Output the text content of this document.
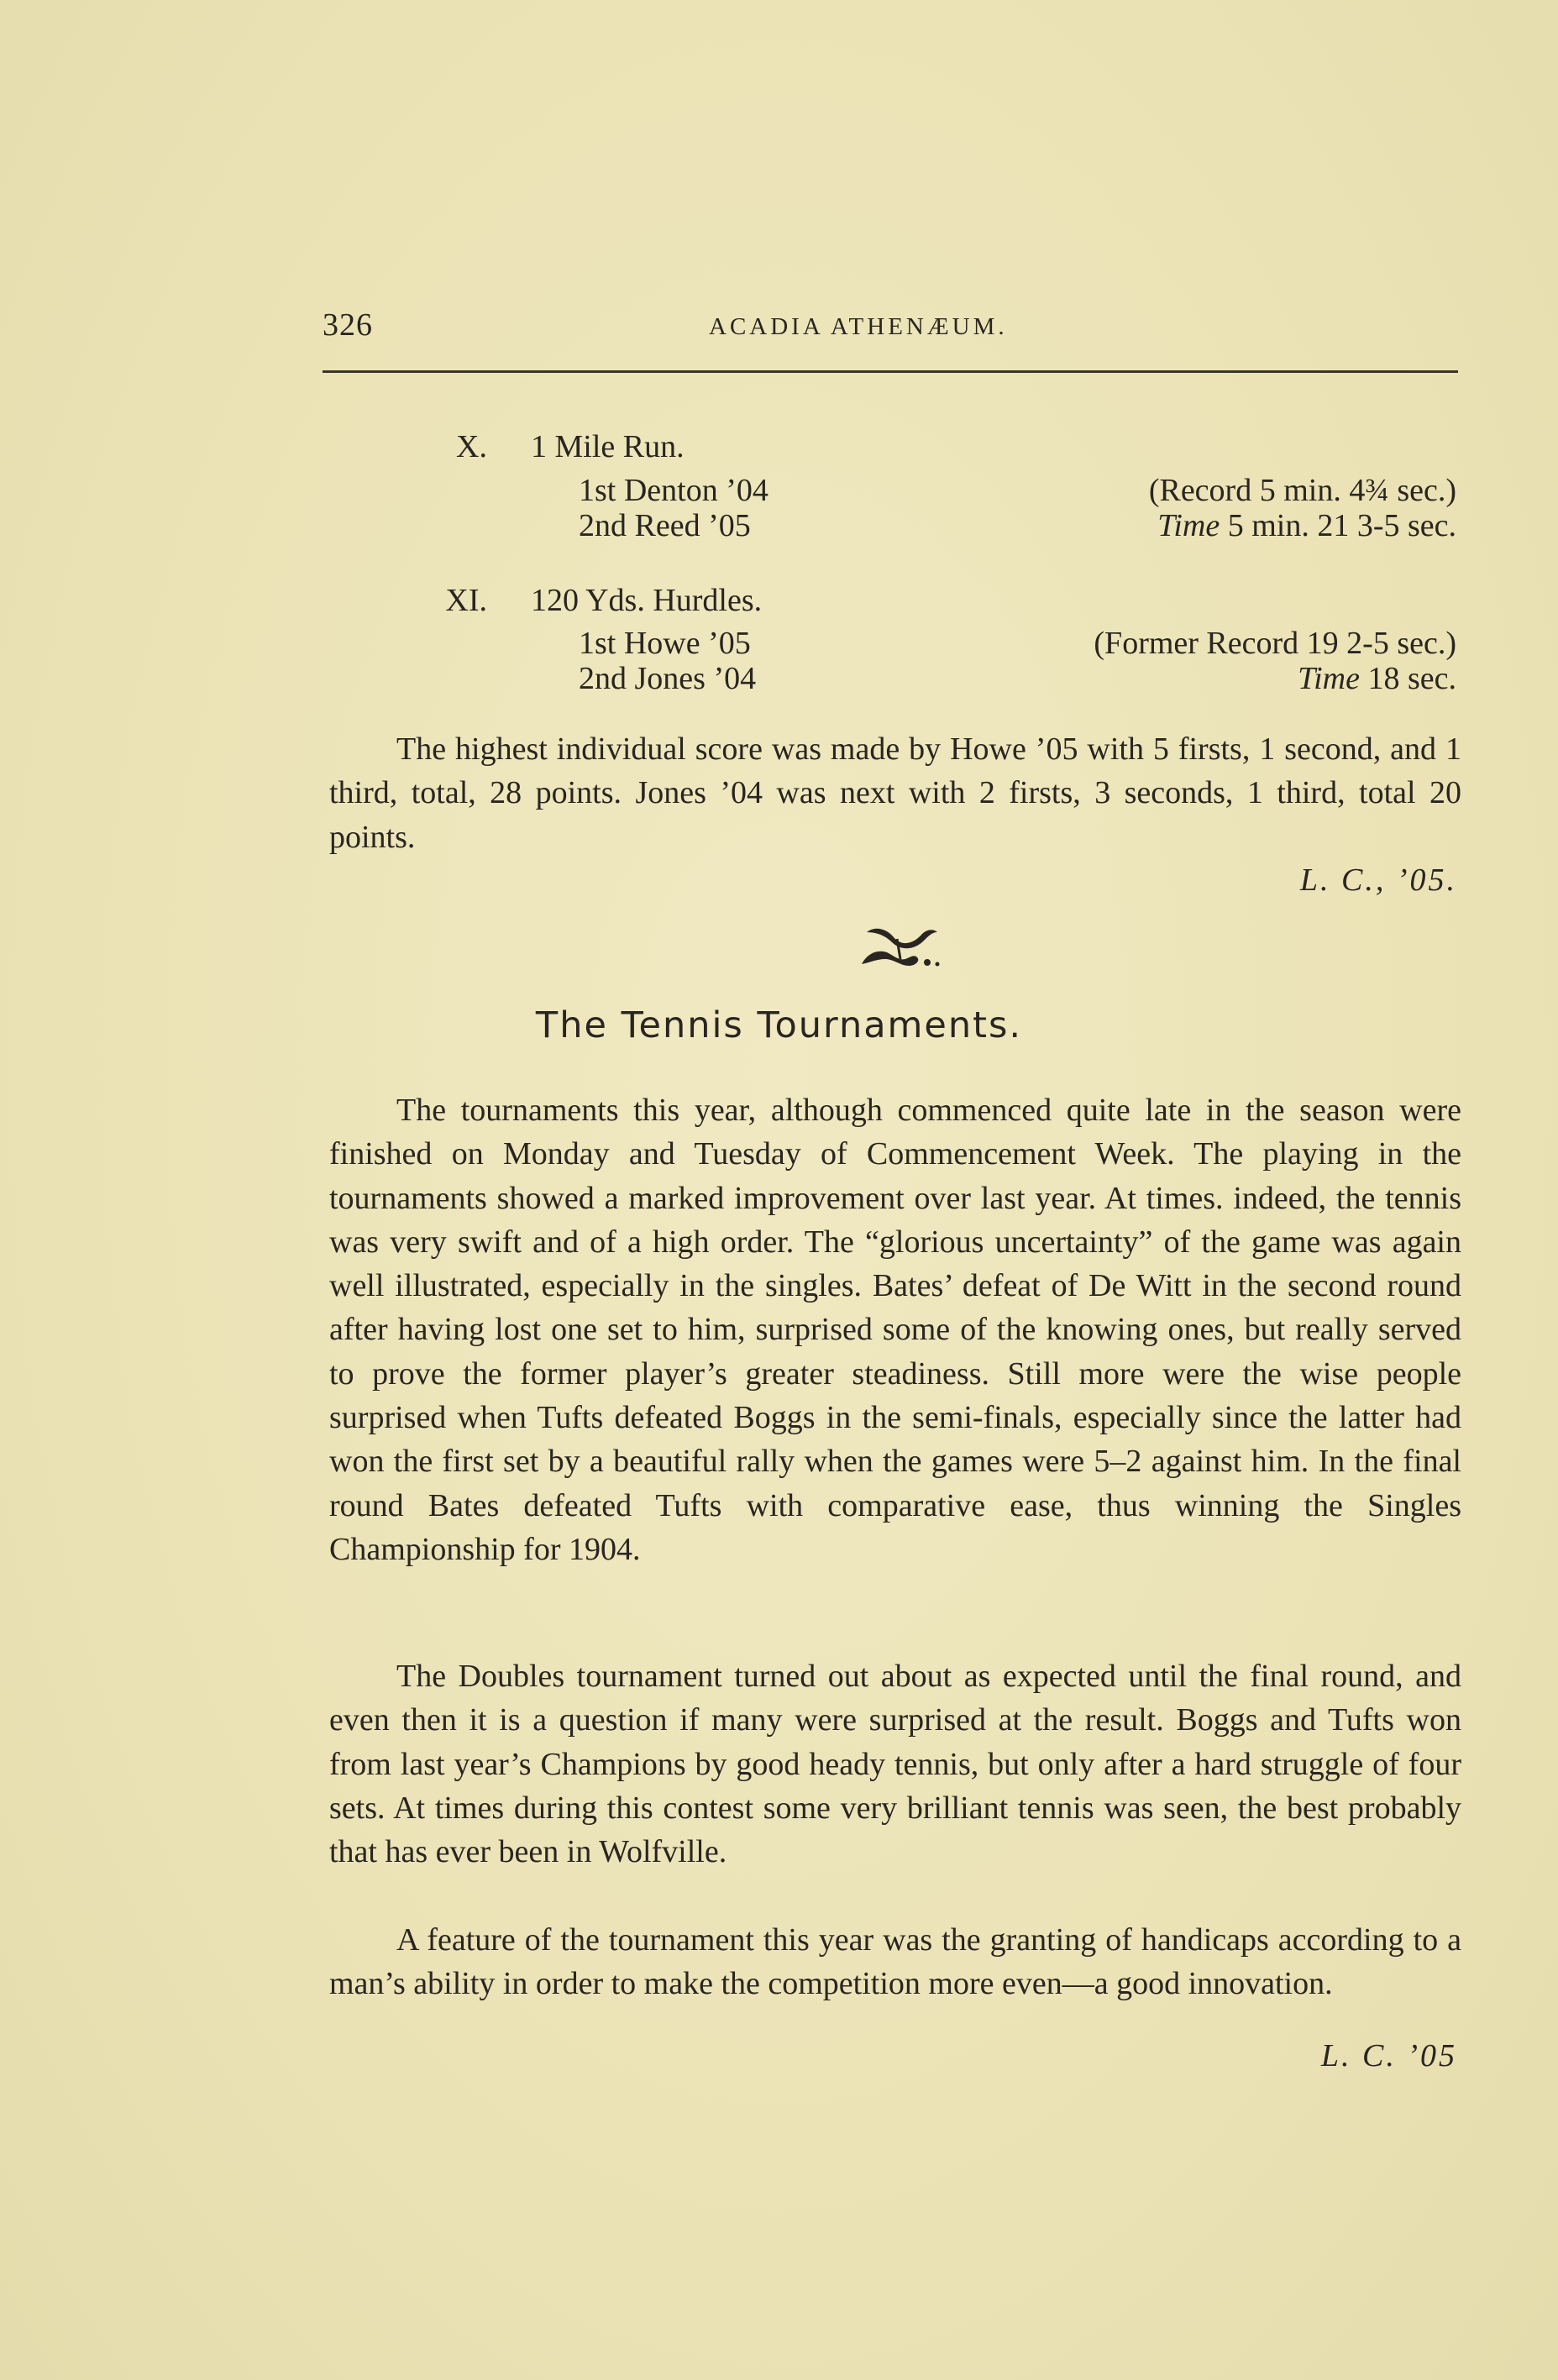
326	ACADIA ATHENÆUM.
X. 1 Mile Run.
1st Denton ’04	(Record 5 min. 4¾ sec.)
2nd Reed ’05	Time 5 min. 21 3-5 sec.
XI. 120 Yds. Hurdles.
1st Howe ’05	(Former Record 19 2-5 sec.)
2nd Jones ’04	Time 18 sec.

The highest individual score was made by Howe ’05 with 5 firsts, 1 second, and 1 third, total, 28 points. Jones ’04 was next with 2 firsts, 3 seconds, 1 third, total 20 points.

L. C., ’05.
The Tennis Tournaments.

The tournaments this year, although commenced quite late in the season were finished on Monday and Tuesday of Commencement Week. The playing in the tournaments showed a marked improvement over last year. At times. indeed, the tennis was very swift and of a high order. The “glorious uncertainty” of the game was again well illustrated, especially in the singles. Bates’ defeat of De Witt in the second round after having lost one set to him, surprised some of the knowing ones, but really served to prove the former player’s greater steadiness. Still more were the wise people surprised when Tufts defeated Boggs in the semi-finals, especially since the latter had won the first set by a beautiful rally when the games were 5–2 against him. In the final round Bates defeated Tufts with comparative ease, thus winning the Singles Championship for 1904.

The Doubles tournament turned out about as expected until the final round, and even then it is a question if many were surprised at the result. Boggs and Tufts won from last year’s Champions by good heady tennis, but only after a hard struggle of four sets. At times during this contest some very brilliant tennis was seen, the best probably that has ever been in Wolfville.

A feature of the tournament this year was the granting of handicaps according to a man’s ability in order to make the competition more even—a good innovation.

L. C. ’05
